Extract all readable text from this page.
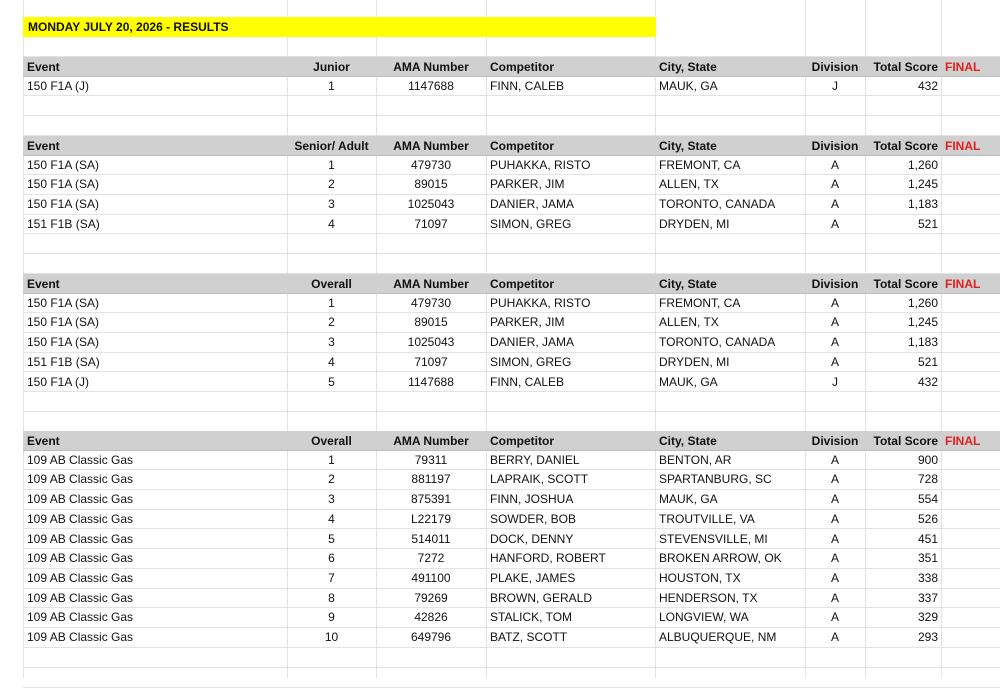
MONDAY JULY 20, 2026 - RESULTS
Event	Junior	AMA Number	Competitor	City, State	Division	Total Score FINAL
150 F1A (J)	1	1147688	FINN, CALEB	MAUK, GA	J	432
Event	Senior/ Adult	AMA Number	Competitor	City, State	Division	Total Score FINAL
150 F1A (SA)	1	479730	PUHAKKA, RISTO	FREMONT, CA	A	1,260
150 F1A (SA)	2	89015	PARKER, JIM	ALLEN, TX	A	1,245
150 F1A (SA)	3	1025043	DANIER, JAMA	TORONTO, CANADA	A	1,183
151 F1B (SA)	4	71097	SIMON, GREG	DRYDEN, MI	A	521
Event	Overall	AMA Number	Competitor	City, State	Division	Total Score FINAL
150 F1A (SA)	1	479730	PUHAKKA, RISTO	FREMONT, CA	A	1,260
150 F1A (SA)	2	89015	PARKER, JIM	ALLEN, TX	A	1,245
150 F1A (SA)	3	1025043	DANIER, JAMA	TORONTO, CANADA	A	1,183
151 F1B (SA)	4	71097	SIMON, GREG	DRYDEN, MI	A	521
150 F1A (J)	5	1147688	FINN, CALEB	MAUK, GA	J	432
Event	Overall	AMA Number	Competitor	City, State	Division	Total Score FINAL
109 AB Classic Gas	1	79311	BERRY, DANIEL	BENTON, AR	A	900
109 AB Classic Gas	2	881197	LAPRAIK, SCOTT	SPARTANBURG, SC	A	728
109 AB Classic Gas	3	875391	FINN, JOSHUA	MAUK, GA	A	554
109 AB Classic Gas	4	L22179	SOWDER, BOB	TROUTVILLE, VA	A	526
109 AB Classic Gas	5	514011	DOCK, DENNY	STEVENSVILLE, MI	A	451
109 AB Classic Gas	6	7272	HANFORD, ROBERT	BROKEN ARROW, OK	A	351
109 AB Classic Gas	7	491100	PLAKE, JAMES	HOUSTON, TX	A	338
109 AB Classic Gas	8	79269	BROWN, GERALD	HENDERSON, TX	A	337
109 AB Classic Gas	9	42826	STALICK, TOM	LONGVIEW, WA	A	329
109 AB Classic Gas	10	649796	BATZ, SCOTT	ALBUQUERQUE, NM	A	293
